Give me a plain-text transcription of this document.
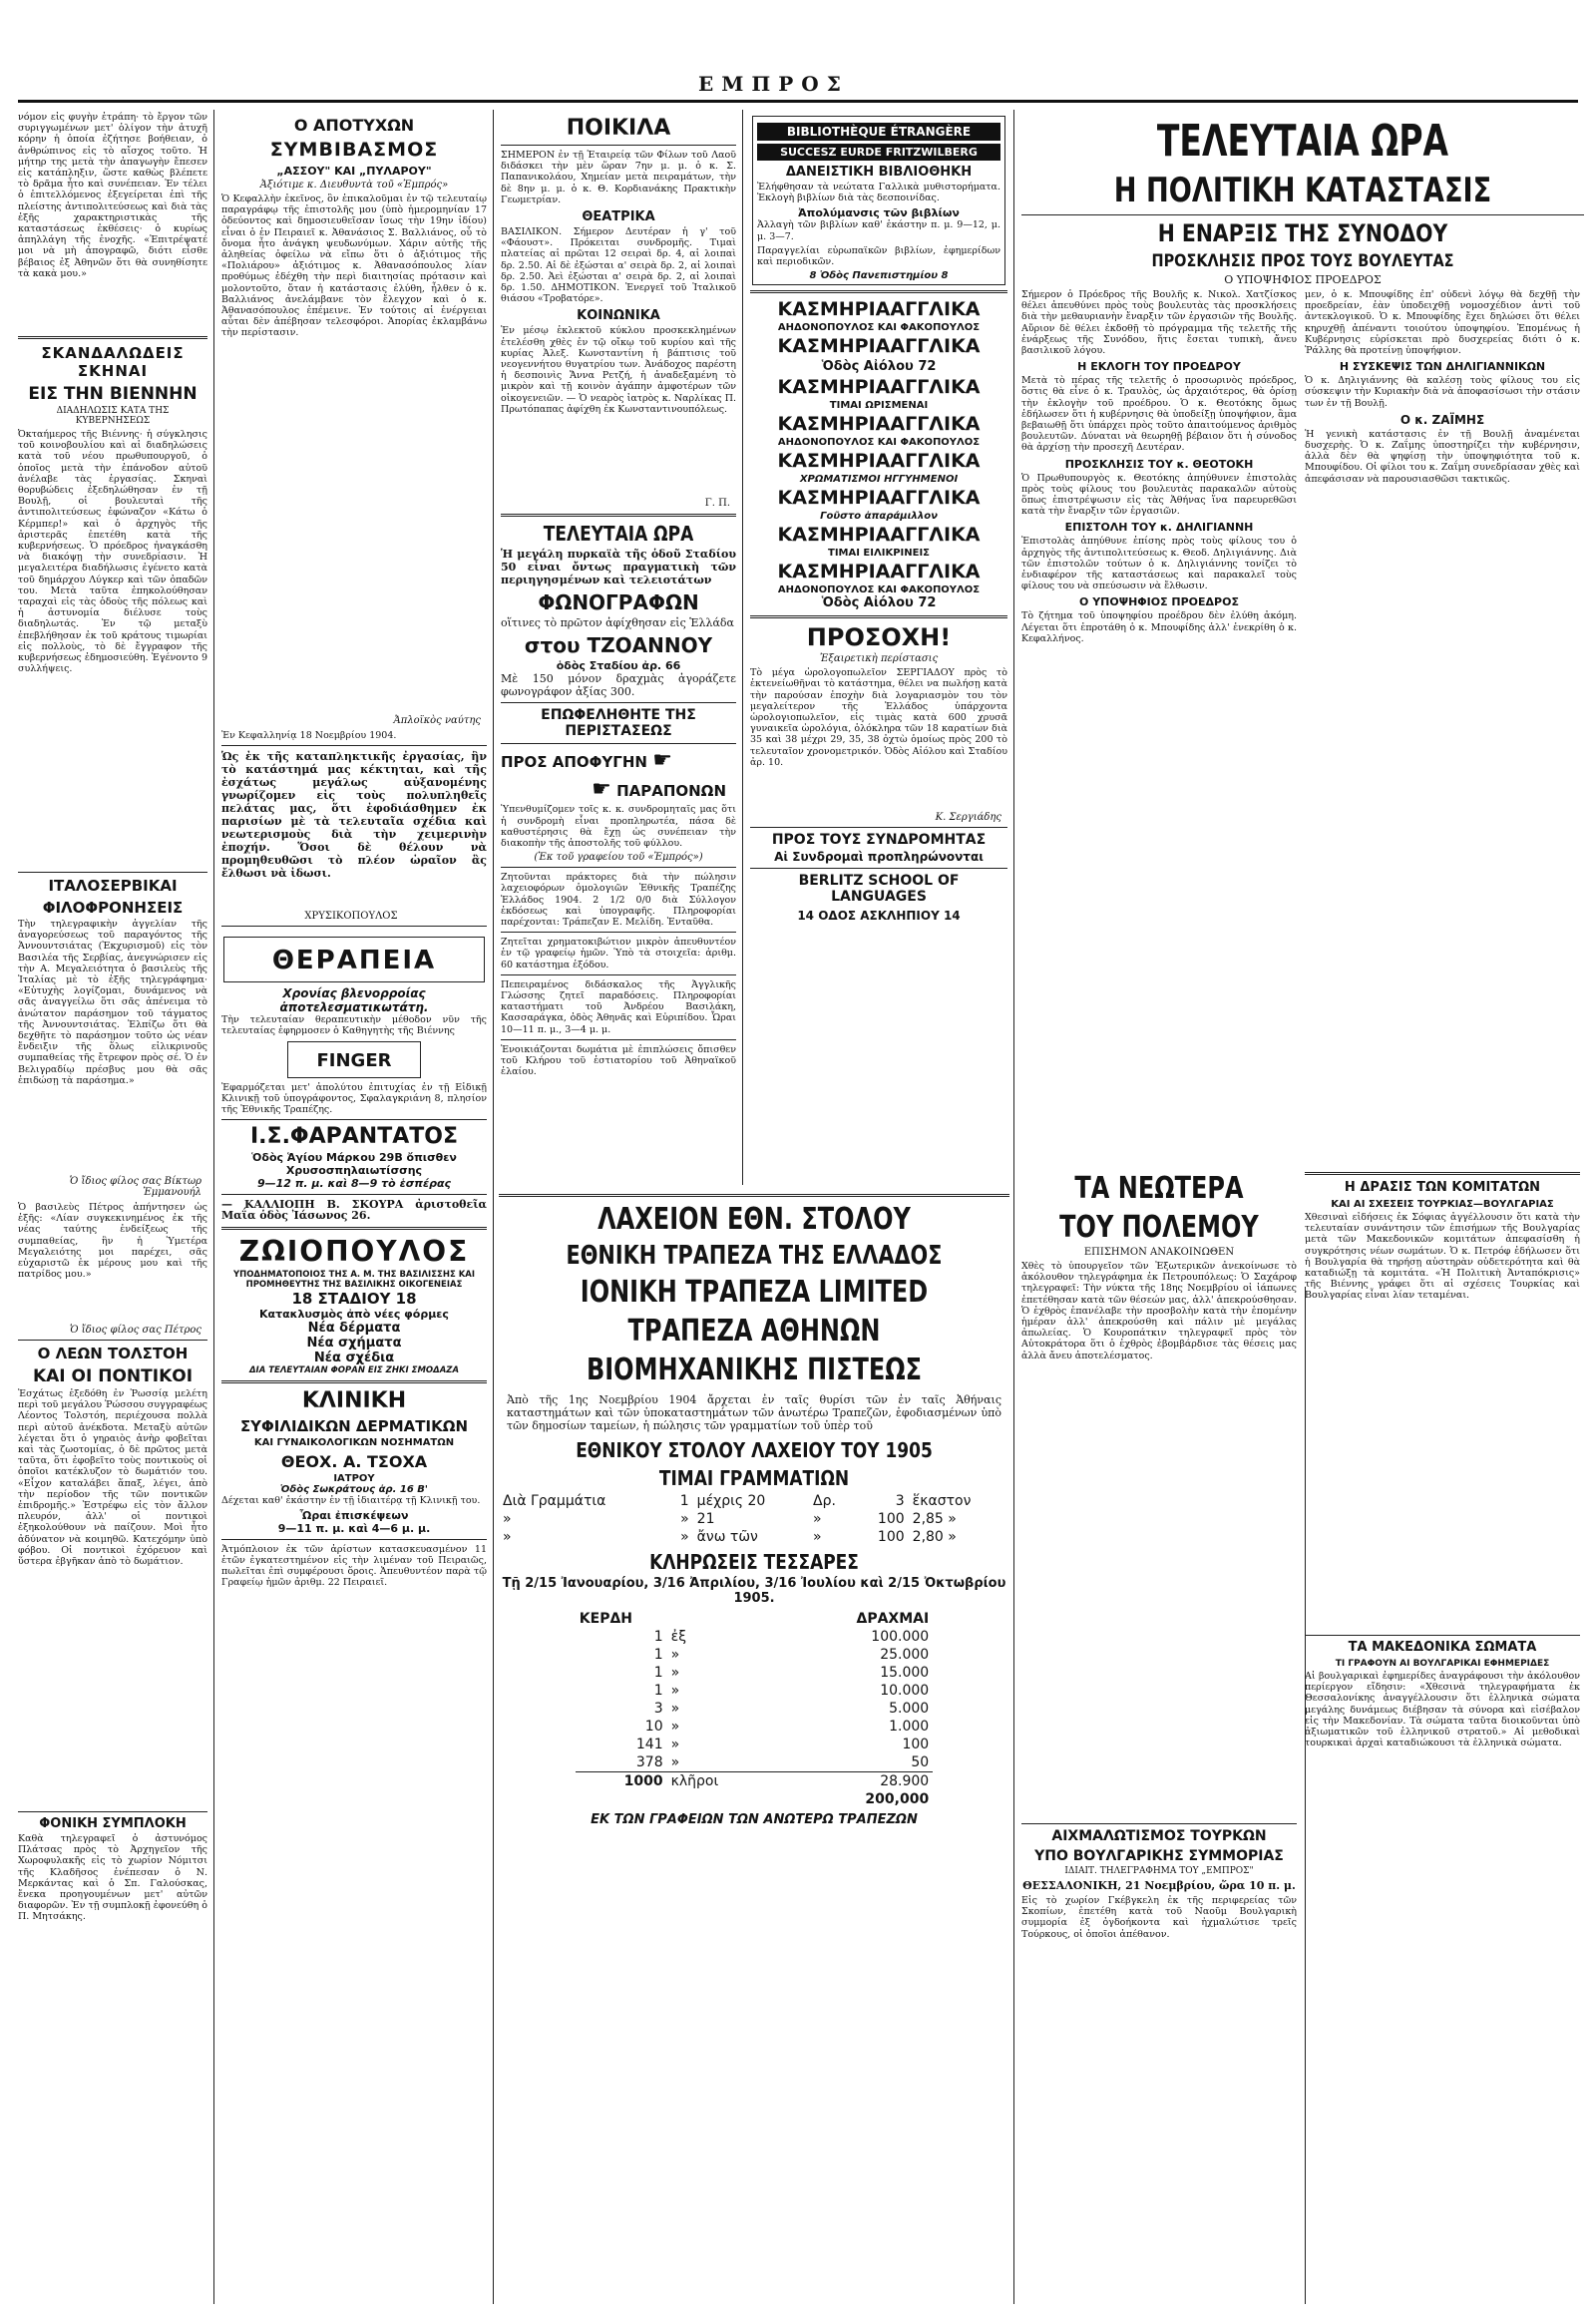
ΕΜΠΡΟΣ

νόμον εἰς φυγὴν ἐτράπη· τὸ ἔργον τῶν συριγγωμένων μετ' ὀλίγον τὴν ἀτυχῆ κόρην ἡ ὁποία ἐζήτησε βοήθειαν, ὁ ἀνθρώπινος εἰς τὸ αἴσχος τοῦτο. Ἡ μήτηρ της μετὰ τὴν ἀπαγωγὴν ἔπεσεν εἰς κατάπληξιν, ὥστε καθὼς βλέπετε τὸ δρᾶμα ἦτο καὶ συνέπειαν. Ἐν τέλει ὁ ἐπιτελλόμενος ἐξεγείρεται ἐπὶ τῆς πλείστης ἀντιπολιτεύσεως καὶ διὰ τὰς ἐξῆς χαρακτηριστικὰς τῆς καταστάσεως ἐκθέσεις· ὁ κυρίως ἀπηλλάγη τῆς ἐνοχῆς. «Ἐπιτρέψατέ μοι νὰ μὴ ἀπογραφῶ, διότι εἶσθε βέβαιος ἐξ Ἀθηνῶν ὅτι θὰ συνηθίσητε τὰ κακὰ μου.»

ΣΚΑΝΔΑΛΩΔΕΙΣ ΣΚΗΝΑΙ
ΕΙΣ ΤΗΝ ΒΙΕΝΝΗΝ
ΔΙΑΔΗΛΩΣΙΣ ΚΑΤΑ ΤΗΣ ΚΥΒΕΡΝΗΣΕΩΣ

Ὀκταήμερος τῆς Βιέννης· ἡ σύγκλησις τοῦ κοινοβουλίου καὶ αἱ διαδηλώσεις κατὰ τοῦ νέου πρωθυπουργοῦ, ὁ ὁποῖος μετὰ τὴν ἐπάνοδον αὐτοῦ ἀνέλαβε τὰς ἐργασίας. Σκηναὶ θορυβώδεις ἐξεδηλώθησαν ἐν τῇ Βουλῇ, οἱ βουλευταὶ τῆς ἀντιπολιτεύσεως ἐφώναζον «Κάτω ὁ Κέρμπερ!» καὶ ὁ ἀρχηγὸς τῆς ἀριστερᾶς ἐπετέθη κατὰ τῆς κυβερνήσεως. Ὁ πρόεδρος ἠναγκάσθη νὰ διακόψῃ τὴν συνεδρίασιν. Ἡ μεγαλειτέρα διαδήλωσις ἐγένετο κατὰ τοῦ δημάρχου Λύγκερ καὶ τῶν ὀπαδῶν του. Μετὰ ταῦτα ἐπηκολούθησαν ταραχαὶ εἰς τὰς ὁδοὺς τῆς πόλεως καὶ ἡ ἀστυνομία διέλυσε τοὺς διαδηλωτάς. Ἐν τῷ μεταξὺ ἐπεβλήθησαν ἐκ τοῦ κράτους τιμωρίαι εἰς πολλοὺς, τὸ δὲ ἔγγραφον τῆς κυβερνήσεως ἐδημοσιεύθη. Ἐγένοντο 9 συλλήψεις.

ΙΤΑΛΟΣΕΡΒΙΚΑΙ
ΦΙΛΟΦΡΟΝΗΣΕΙΣ

Τὴν τηλεγραφικὴν ἀγγελίαν τῆς ἀναγορεύσεως τοῦ παραγόντος τῆς Ἀννουντσιάτας (Ἐκχυρισμοῦ) εἰς τὸν Βασιλέα τῆς Σερβίας, ἀνεγνώρισεν εἰς τὴν Α. Μεγαλειότητα ὁ βασιλεὺς τῆς Ἰταλίας μὲ τὸ ἑξῆς τηλεγράφημα· «Εὐτυχὴς λογίζομαι, δυνάμενος νὰ σᾶς ἀναγγείλω ὅτι σᾶς ἀπένειμα τὸ ἀνώτατον παράσημον τοῦ τάγματος τῆς Ἀννουντσιάτας. Ἐλπίζω ὅτι θὰ δεχθῆτε τὸ παράσημον τοῦτο ὡς νέαν ἔνδειξιν τῆς ὅλως εἰλικρινοῦς συμπαθείας τῆς ἔτρεφον πρὸς σέ. Ὁ ἐν Βελιγραδίῳ πρέσβυς μου θὰ σᾶς ἐπιδώσῃ τὰ παράσημα.»

Ὁ ἴδιος φίλος σας Βίκτωρ Ἐμμανουήλ

Ὁ βασιλεὺς Πέτρος ἀπήντησεν ὡς ἑξῆς: «Λίαν συγκεκινημένος ἐκ τῆς νέας ταύτης ἐνδείξεως τῆς συμπαθείας, ἣν ἡ Ὑμετέρα Μεγαλειότης μοι παρέχει, σᾶς εὐχαριστῶ ἐκ μέρους μου καὶ τῆς πατρίδος μου.»

Ὁ ἴδιος φίλος σας Πέτρος
Ο ΛΕΩΝ ΤΟΛΣΤΟΗ
ΚΑΙ ΟΙ ΠΟΝΤΙΚΟΙ

Ἐσχάτως ἐξεδόθη ἐν Ῥωσσίᾳ μελέτη περὶ τοῦ μεγάλου Ῥώσσου συγγραφέως Λέοντος Τολστόη, περιέχουσα πολλὰ περὶ αὐτοῦ ἀνέκδοτα. Μεταξὺ αὐτῶν λέγεται ὅτι ὁ γηραιὸς ἀνὴρ φοβεῖται καὶ τὰς ζωοτομίας, ὁ δὲ πρῶτος μετὰ ταῦτα, ὅτι ἐφοβεῖτο τοὺς ποντικοὺς οἱ ὁποῖοι κατέκλυζον τὸ δωμάτιόν του. «Εἶχον καταλάβει ἅπαξ, λέγει, ἀπὸ τὴν περίοδον τῆς τῶν ποντικῶν ἐπιδρομῆς.» Ἐστρέφω εἰς τὸν ἄλλον πλευρόν, ἀλλ' οἱ ποντικοὶ ἐξηκολούθουν νὰ παίζουν. Μοὶ ἦτο ἀδύνατον νὰ κοιμηθῶ. Κατεχόμην ὑπὸ φόβου. Οἱ ποντικοὶ ἐχόρευον καὶ ὕστερα ἐβγῆκαν ἀπὸ τὸ δωμάτιον.

ΦΟΝΙΚΗ ΣΥΜΠΛΟΚΗ

Καθὰ τηλεγραφεῖ ὁ ἀστυνόμος Πλάτσας πρὸς τὸ Ἀρχηγεῖον τῆς Χωροφυλακῆς εἰς τὸ χωρίον Νόμιτσι τῆς Κλαδῆσος ἐνέπεσαν ὁ Ν. Μερκάντας καὶ ὁ Σπ. Γαλούσκας, ἔνεκα προηγουμένων μετ' αὐτῶν διαφορῶν. Ἐν τῇ συμπλοκῇ ἐφονεύθη ὁ Π. Μητσάκης.

Ο ΑΠΟΤΥΧΩΝ
ΣΥΜΒΙΒΑΣΜΟΣ
„ΑΣΣΟΥ" ΚΑΙ „ΠΥΛΑΡΟΥ"
Ἀξιότιμε κ. Διευθυντὰ τοῦ «Ἐμπρός»

Ὁ Κεφαλλὴν ἐκεῖνος, ὃν ἐπικαλοῦμαι ἐν τῷ τελευταίῳ παραγράφῳ τῆς ἐπιστολῆς μου (ὑπὸ ἡμερομηνίαν 17 ὀδεύοντος καὶ δημοσιευθεῖσαν ἴσως τὴν 19ην ἰδίου) εἶναι ὁ ἐν Πειραιεῖ κ. Ἀθανάσιος Σ. Βαλλιάνος, οὗ τὸ ὄνομα ἦτο ἀνάγκη ψευδωνύμων. Χάριν αὐτῆς τῆς ἀληθείας ὀφείλω νὰ εἴπω ὅτι ὁ ἀξιότιμος τῆς «Πολιάρου» ἀξιότιμος κ. Ἀθανασόπουλος λίαν προθύμως ἐδέχθη τὴν περὶ διαιτησίας πρότασιν καὶ μολοντοῦτο, ὅταν ἡ κατάστασις ἐλύθη, ἦλθεν ὁ κ. Βαλλιάνος ἀνελάμβανε τὸν ἔλεγχον καὶ ὁ κ. Ἀθανασόπουλος ἐπέμεινε. Ἐν τούτοις αἱ ἐνέργειαι αὗται δὲν ἀπέβησαν τελεσφόροι. Ἀπορίας ἐκλαμβάνω τὴν περίστασιν.

Ἀπλοϊκὸς ναύτης
Ἐν Κεφαλληνίᾳ 18 Νοεμβρίου 1904.

Ὡς ἐκ τῆς καταπληκτικῆς ἐργασίας, ἣν τὸ κατάστημά μας κέκτηται, καὶ τῆς ἐσχάτως μεγάλως αὐξανομένης γνωρίζομεν εἰς τοὺς πολυπληθεῖς πελάτας μας, ὅτι ἐφοδιάσθημεν ἐκ παρισίων μὲ τὰ τελευταῖα σχέδια καὶ νεωτερισμοὺς διὰ τὴν χειμερινὴν ἐποχήν. Ὅσοι δὲ θέλουν νὰ προμηθευθῶσι τὸ πλέον ὡραῖον ἂς ἔλθωσι νὰ ἰδωσι.

ΧΡΥΣΙΚΟΠΟΥΛΟΣ
ΘΕΡΑΠΕΙΑ
Χρονίας βλενορροίας ἀποτελεσματικωτάτη.

Τὴν τελευταίαν θεραπευτικὴν μέθοδον νῦν τῆς τελευταίας ἐφηρμοσεν ὁ Καθηγητὴς τῆς Βιέννης

FINGER

Ἐφαρμόζεται μετ' ἀπολύτου ἐπιτυχίας ἐν τῇ Εἰδικῇ Κλινικῇ τοῦ ὑπογράφοντος, Σφαλαγκριάνη 8, πλησίον τῆς Ἐθνικῆς Τραπέζης.

Ι.Σ.ΦΑΡΑΝΤΑΤΟΣ
Ὁδὸς Ἁγίου Μάρκου 29Β ὄπισθεν Χρυσοσπηλαιωτίσσης
9—12 π. μ. καὶ 8—9 τὸ ἑσπέρας

— ΚΑΛΛΙΟΠΗ Β. ΣΚΟΥΡΑ ἀριστοθεῖα Μαΐα ὁδὸς Ἰάσωνος 26.

ΖΩΙΟΠΟΥΛΟΣ
ΥΠΟΔΗΜΑΤΟΠΟΙΟΣ ΤΗΣ Α. Μ. ΤΗΣ ΒΑΣΙΛΙΣΣΗΣ ΚΑΙ ΠΡΟΜΗΘΕΥΤΗΣ ΤΗΣ ΒΑΣΙΛΙΚΗΣ ΟΙΚΟΓΕΝΕΙΑΣ
18 ΣΤΑΔΙΟΥ 18
Κατακλυσμὸς ἀπὸ νέες φόρμες
Νέα δέρματα
Νέα σχήματα
Νέα σχέδια
ΔΙΑ ΤΕΛΕΥΤΑΙΑΝ ΦΟΡΑΝ ΕΙΣ ΖΗΚΙ ΣΜΟΔΑΖΑ
ΚΛΙΝΙΚΗ
ΣΥΦΙΛΙΔΙΚΩΝ ΔΕΡΜΑΤΙΚΩΝ
ΚΑΙ ΓΥΝΑΙΚΟΛΟΓΙΚΩΝ ΝΟΣΗΜΑΤΩΝ
ΘΕΟΧ. Α. ΤΣΟΧΑ
ΙΑΤΡΟΥ
Ὁδὸς Σωκράτους ἀρ. 16 Β'

Δέχεται καθ' ἑκάστην ἐν τῇ ἰδιαιτέρᾳ τῇ Κλινικῇ του.

Ὧραι ἐπισκέψεων
9—11 π. μ. καὶ 4—6 μ. μ.

Ἀτμόπλοιον ἐκ τῶν ἀρίστων κατασκευασμένον 11 ἐτῶν ἐγκατεστημένον εἰς τὴν λιμέναν τοῦ Πειραιῶς, πωλεῖται ἐπὶ συμφέρουσι ὅροις. Ἀπευθυντέον παρὰ τῷ Γραφείῳ ἡμῶν ἀριθμ. 22 Πειραιεῖ.

ΠΟΙΚΙΛΑ

ΣΗΜΕΡΟΝ ἐν τῇ Ἑταιρείᾳ τῶν Φίλων τοῦ Λαοῦ διδάσκει τὴν μὲν ὥραν 7ην μ. μ. ὁ κ. Σ. Παπανικολάου, Χημείαν μετὰ πειραμάτων, τὴν δὲ 8ην μ. μ. ὁ κ. Θ. Κορδιανάκης Πρακτικὴν Γεωμετρίαν.

ΘΕΑΤΡΙΚΑ

ΒΑΣΙΛΙΚΟΝ. Σήμερον Δευτέραν ἡ γ' τοῦ «Φάουστ». Πρόκειται συνδρομῆς. Τιμαὶ πλατείας αἱ πρῶται 12 σειραὶ δρ. 4, αἱ λοιπαὶ δρ. 2.50. Αἱ δὲ ἐξώσται α' σειρὰ δρ. 2, αἱ λοιπαὶ δρ. 2.50. Ἀεὶ ἐξώσται α' σειρὰ δρ. 2, αἱ λοιπαὶ δρ. 1.50. ΔΗΜΟΤΙΚΟΝ. Ἐνεργεῖ τοῦ Ἰταλικοῦ θιάσου «Τροβατόρε».

ΚΟΙΝΩΝΙΚΑ

Ἐν μέσῳ ἐκλεκτοῦ κύκλου προσκεκλημένων ἐτελέσθη χθὲς ἐν τῷ οἴκῳ τοῦ κυρίου καὶ τῆς κυρίας Ἀλεξ. Κωνσταντίνη ἡ βάπτισις τοῦ νεογεννήτου θυγατρίου των. Ἀνάδοχος παρέστη ἡ δεσποινὶς Ἄννα Ρετζή, ἡ ἀναδεξαμένη τὸ μικρὸν καὶ τῇ κοινὸν ἀγάπην ἀμφοτέρων τῶν οἰκογενειῶν. — Ὁ νεαρὸς ἰατρὸς κ. Ναρλίκας Π. Πρωτόπαπας ἀφίχθη ἐκ Κωνσταντινουπόλεως.

Γ. Π.
ΤΕΛΕΥΤΑΙΑ ΩΡΑ

Ἡ μεγάλη πυρκαϊὰ τῆς ὁδοῦ Σταδίου 50 εἶναι ὄντως πραγματικὴ τῶν περιηγησμένων καὶ τελειοτάτων

ΦΩΝΟΓΡΑΦΩΝ

οἵτινες τὸ πρῶτον ἀφίχθησαν εἰς Ἑλλάδα

στου ΤΖΟΑΝΝΟΥ
ὁδὸς Σταδίου ἀρ. 66

Μὲ 150 μόνον δραχμὰς ἀγοράζετε φωνογράφον ἀξίας 300.

ΕΠΩΦΕΛΗΘΗΤΕ ΤΗΣ ΠΕΡΙΣΤΑΣΕΩΣ
ΠΡΟΣ ΑΠΟΦΥΓΗΝ ☛
☛ ΠΑΡΑΠΟΝΩΝ

Ὑπενθυμίζομεν τοῖς κ. κ. συνδρομηταῖς μας ὅτι ἡ συνδρομὴ εἶναι προπληρωτέα, πάσα δὲ καθυστέρησις θὰ ἔχῃ ὡς συνέπειαν τὴν διακοπὴν τῆς ἀποστολῆς τοῦ φύλλου.

(Ἐκ τοῦ γραφείου τοῦ «Ἐμπρός»)

Ζητοῦνται πράκτορες διὰ τὴν πώλησιν λαχειοφόρων ὁμολογιῶν Ἐθνικῆς Τραπέζης Ἑλλάδος 1904. 2 1/2 0/0 διὰ Σύλλογον ἐκδόσεως καὶ ὑπογραφῆς. Πληροφορίαι παρέχονται: Τράπεζαν Ε. Μελίδη. Ἐνταῦθα.

Ζητεῖται χρηματοκιβώτιον μικρὸν ἀπευθυντέον ἐν τῷ γραφείῳ ἡμῶν. Ὑπὸ τὰ στοιχεῖα: ἀριθμ. 60 κατάστημα ἐξόδου.

Πεπειραμένος διδάσκαλος τῆς Ἀγγλικῆς Γλώσσης ζητεῖ παραδόσεις. Πληροφορίαι καταστήματι τοῦ Ἀνδρέου Βασιλάκη, Κασσαράγκα, ὁδὸς Ἀθηνᾶς καὶ Εὐριπίδου. Ὧραι 10—11 π. μ., 3—4 μ. μ.

Ἐνοικιάζονται δωμάτια μὲ ἐπιπλώσεις ὄπισθεν τοῦ Κλήρου τοῦ ἑστιατορίου τοῦ Ἀθηναϊκοῦ ἐλαίου.

BIBLIOTHÈQUE ÉTRANGÈRE
SUCCESZ EURDE FRITZWILBERG
ΔΑΝΕΙΣΤΙΚΗ ΒΙΒΛΙΟΘΗΚΗ

Ἐλήφθησαν τὰ νεώτατα Γαλλικὰ μυθιστορήματα. Ἐκλογὴ βιβλίων διὰ τὰς δεσποινίδας.

Ἀπολύμανσις τῶν βιβλίων

Ἀλλαγὴ τῶν βιβλίων καθ' ἑκάστην π. μ. 9—12, μ. μ. 3—7.

Παραγγελίαι εὐρωπαϊκῶν βιβλίων, ἐφημερίδων καὶ περιοδικῶν.

8 Ὁδὸς Πανεπιστημίου 8
ΚΑΣΜΗΡΙΑΑΓΓΛΙΚΑ
ΑΗΔΟΝΟΠΟΥΛΟΣ ΚΑΙ ΦΑΚΟΠΟΥΛΟΣ
ΚΑΣΜΗΡΙΑΑΓΓΛΙΚΑ
Ὁδὸς Αἰόλου 72
ΚΑΣΜΗΡΙΑΑΓΓΛΙΚΑ
ΤΙΜΑΙ ΩΡΙΣΜΕΝΑΙ
ΚΑΣΜΗΡΙΑΑΓΓΛΙΚΑ
ΑΗΔΟΝΟΠΟΥΛΟΣ ΚΑΙ ΦΑΚΟΠΟΥΛΟΣ
ΚΑΣΜΗΡΙΑΑΓΓΛΙΚΑ
ΧΡΩΜΑΤΙΣΜΟΙ ΗΓΓΥΗΜΕΝΟΙ
ΚΑΣΜΗΡΙΑΑΓΓΛΙΚΑ
Γοῦστο ἀπαράμιλλον
ΚΑΣΜΗΡΙΑΑΓΓΛΙΚΑ
ΤΙΜΑΙ ΕΙΛΙΚΡΙΝΕΙΣ
ΚΑΣΜΗΡΙΑΑΓΓΛΙΚΑ
ΑΗΔΟΝΟΠΟΥΛΟΣ ΚΑΙ ΦΑΚΟΠΟΥΛΟΣ
Ὁδὸς Αἰόλου 72
ΠΡΟΣΟΧΗ!
Ἐξαιρετικὴ περίστασις

Τὸ μέγα ὡρολογοπωλεῖον ΣΕΡΓΙΑΔΟΥ πρὸς τὸ ἐκτενείωθῆναι τὸ κατάστημα, θέλει να πωλήσῃ κατὰ τὴν παρούσαν ἐποχὴν διὰ λογαριασμὸν του τὸν μεγαλείτερον τῆς Ἑλλάδος ὑπάρχοντα ὡρολογιοπωλεῖον, εἰς τιμὰς κατὰ 600 χρυσᾶ γυναικεῖα ὡρολόγια, ὁλόκληρα τῶν 18 καρατίων διὰ 35 καὶ 38 μέχρι 29, 35, 38 ὀχτὼ ὁμοίως πρὸς 200 τὸ τελευταῖον χρονομετρικόν. Ὁδὸς Αἰόλου καὶ Σταδίου ἀρ. 10.

Κ. Σεργιάδης
ΠΡΟΣ ΤΟΥΣ ΣΥΝΔΡΟΜΗΤΑΣ
Αἱ Συνδρομαὶ προπληρώνονται
BERLITZ SCHOOL OF LANGUAGES
14 ΟΔΟΣ ΑΣΚΛΗΠΙΟΥ 14
ΛΑΧΕΙΟΝ ΕΘΝ. ΣΤΟΛΟΥ
ΕΘΝΙΚΗ ΤΡΑΠΕΖΑ ΤΗΣ ΕΛΛΑΔΟΣ
ΙΟΝΙΚΗ ΤΡΑΠΕΖΑ LIMITED
ΤΡΑΠΕΖΑ ΑΘΗΝΩΝ
ΒΙΟΜΗΧΑΝΙΚΗΣ ΠΙΣΤΕΩΣ

Ἀπὸ τῆς 1ης Νοεμβρίου 1904 ἄρχεται ἐν ταῖς θυρίσι τῶν ἐν ταῖς Ἀθήναις καταστημάτων καὶ τῶν ὑποκαταστημάτων τῶν ἀνωτέρω Τραπεζῶν, ἐφοδιασμένων ὑπὸ τῶν δημοσίων ταμείων, ἡ πώλησις τῶν γραμματίων τοῦ ὑπὲρ τοῦ

ΕΘΝΙΚΟΥ ΣΤΟΛΟΥ ΛΑΧΕΙΟΥ ΤΟΥ 1905
ΤΙΜΑΙ ΓΡΑΜΜΑΤΙΩΝ
Διὰ Γραμμάτια	1	μέχρις 20	Δρ.	3	ἕκαστον
»	»	21	»	100	2,85 »
»	»	ἄνω τῶν	»	100	2,80 »
ΚΛΗΡΩΣΕΙΣ ΤΕΣΣΑΡΕΣ
Τῇ 2/15 Ἰανουαρίου, 3/16 Ἀπριλίου, 3/16 Ἰουλίου καὶ 2/15 Ὀκτωβρίου 1905.
ΚΕΡΔΗ		ΔΡΑΧΜΑΙ
1	ἐξ	100.000
1	»	25.000
1	»	15.000
1	»	10.000
3	»	5.000
10	»	1.000
141	»	100
378	»	50
1000	κλῆροι	28.900
		200,000
ΕΚ ΤΩΝ ΓΡΑΦΕΙΩΝ ΤΩΝ ΑΝΩΤΕΡΩ ΤΡΑΠΕΖΩΝ
ΤΕΛΕΥΤΑΙΑ ΩΡΑ
Η ΠΟΛΙΤΙΚΗ ΚΑΤΑΣΤΑΣΙΣ
Η ΕΝΑΡΞΙΣ ΤΗΣ ΣΥΝΟΔΟΥ
ΠΡΟΣΚΛΗΣΙΣ ΠΡΟΣ ΤΟΥΣ ΒΟΥΛΕΥΤΑΣ
Ο ΥΠΟΨΗΦΙΟΣ ΠΡΟΕΔΡΟΣ

Σήμερον ὁ Πρόεδρος τῆς Βουλῆς κ. Νικολ. Χατζίσκος θέλει ἀπευθύνει πρὸς τοὺς βουλευτὰς τὰς προσκλήσεις διὰ τὴν μεθαυριανὴν ἔναρξιν τῶν ἐργασιῶν τῆς Βουλῆς. Αὔριον δὲ θέλει ἐκδοθῇ τὸ πρόγραμμα τῆς τελετῆς τῆς ἐνάρξεως τῆς Συνόδου, ἥτις ἔσεται τυπικὴ, ἄνευ βασιλικοῦ λόγου.

Η ΕΚΛΟΓΗ ΤΟΥ ΠΡΟΕΔΡΟΥ

Μετὰ τὸ πέρας τῆς τελετῆς ὁ προσωρινὸς πρόεδρος, ὅστις θὰ εἶνε ὁ κ. Τραυλὸς, ὡς ἀρχαιότερος, θὰ ὁρίσῃ τὴν ἐκλογὴν τοῦ προέδρου. Ὁ κ. Θεοτόκης ὅμως ἐδήλωσεν ὅτι ἡ κυβέρνησις θὰ ὑποδείξῃ ὑποψήφιον, ἂμα βεβαιωθῇ ὅτι ὑπάρχει πρὸς τοῦτο ἀπαιτούμενος ἀριθμὸς βουλευτῶν. Δύναται νὰ θεωρηθῇ βέβαιον ὅτι ἡ σύνοδος θὰ ἀρχίσῃ τὴν προσεχῆ Δευτέραν.

ΠΡΟΣΚΛΗΣΙΣ ΤΟΥ κ. ΘΕΟΤΟΚΗ

Ὁ Πρωθυπουργὸς κ. Θεοτόκης ἀπηύθυνεν ἐπιστολὰς πρὸς τοὺς φίλους του βουλευτὰς παρακαλῶν αὐτοὺς ὅπως ἐπιστρέψωσιν εἰς τὰς Ἀθήνας ἵνα παρευρεθῶσι κατὰ τὴν ἔναρξιν τῶν ἐργασιῶν.

ΕΠΙΣΤΟΛΗ ΤΟΥ κ. ΔΗΛΙΓΙΑΝΝΗ

Ἐπιστολὰς ἀπηύθυνε ἐπίσης πρὸς τοὺς φίλους του ὁ ἀρχηγὸς τῆς ἀντιπολιτεύσεως κ. Θεοδ. Δηλιγιάννης. Διὰ τῶν ἐπιστολῶν τούτων ὁ κ. Δηλιγιάννης τονίζει τὸ ἐνδιαφέρον τῆς καταστάσεως καὶ παρακαλεῖ τοὺς φίλους του νὰ σπεύσωσιν νὰ ἔλθωσιν.

Ο ΥΠΟΨΗΦΙΟΣ ΠΡΟΕΔΡΟΣ

Τὸ ζήτημα τοῦ ὑποψηφίου προέδρου δὲν ἐλύθη ἀκόμη. Λέγεται ὅτι ἐπροτάθη ὁ κ. Μπουφίδης ἀλλ' ἐνεκρίθη ὁ κ. Κεφαλλήνος.

μεν, ὁ κ. Μπουφίδης ἐπ' οὐδενὶ λόγῳ θὰ δεχθῇ τὴν προεδρείαν, ἐὰν ὑποδειχθῇ νομοσχέδιον ἀντὶ τοῦ ἀντεκλογικοῦ. Ὁ κ. Μπουφίδης ἔχει δηλώσει ὅτι θέλει κηρυχθῇ ἀπέναντι τοιούτου ὑποψηφίου. Ἐπομένως ἡ Κυβέρνησις εὑρίσκεται πρὸ δυσχερείας διότι ὁ κ. Ῥάλλης θὰ προτείνῃ ὑποψήφιον.

Η ΣΥΣΚΕΨΙΣ ΤΩΝ ΔΗΛΙΓΙΑΝΝΙΚΩΝ

Ὁ κ. Δηλιγιάννης θὰ καλέσῃ τοὺς φίλους του εἰς σύσκεψιν τὴν Κυριακὴν διὰ νὰ ἀποφασίσωσι τὴν στάσιν των ἐν τῇ Βουλῇ.

Ο κ. ΖΑΪΜΗΣ

Ἡ γενικὴ κατάστασις ἐν τῇ Βουλῇ ἀναμένεται δυσχερὴς. Ὁ κ. Ζαΐμης ὑποστηρίζει τὴν κυβέρνησιν, ἀλλὰ δὲν θὰ ψηφίσῃ τὴν ὑποψηφιότητα τοῦ κ. Μπουφίδου. Οἱ φίλοι του κ. Ζαΐμη συνεδρίασαν χθὲς καὶ ἀπεφάσισαν νὰ παρουσιασθῶσι τακτικῶς.

ΤΑ ΝΕΩΤΕΡΑ
ΤΟΥ ΠΟΛΕΜΟΥ
ΕΠΙΣΗΜΟΝ ΑΝΑΚΟΙΝΩΘΕΝ

Χθὲς τὸ ὑπουργεῖον τῶν Ἐξωτερικῶν ἀνεκοίνωσε τὸ ἀκόλουθον τηλεγράφημα ἐκ Πετρουπόλεως: Ὁ Σαχάροφ τηλεγραφεῖ: Τὴν νύκτα τῆς 18ης Νοεμβρίου οἱ ἰάπωνες ἐπετέθησαν κατὰ τῶν θέσεών μας, ἀλλ' ἀπεκρούσθησαν. Ὁ ἐχθρὸς ἐπανέλαβε τὴν προσβολὴν κατὰ τὴν ἑπομένην ἡμέραν ἀλλ' ἀπεκρούσθη καὶ πάλιν μὲ μεγάλας ἀπωλείας. Ὁ Κουροπάτκιν τηλεγραφεῖ πρὸς τὸν Αὐτοκράτορα ὅτι ὁ ἐχθρὸς ἐβομβάρδισε τὰς θέσεις μας ἀλλὰ ἄνευ ἀποτελέσματος.

ΑΙΧΜΑΛΩΤΙΣΜΟΣ ΤΟΥΡΚΩΝ
ΥΠΟ ΒΟΥΛΓΑΡΙΚΗΣ ΣΥΜΜΟΡΙΑΣ
ΙΔΙΑΙΤ. ΤΗΛΕΓΡΑΦΗΜΑ ΤΟΥ „ΕΜΠΡΟΣ"
ΘΕΣΣΑΛΟΝΙΚΗ, 21 Νοεμβρίου, ὥρα 10 π. μ.

Εἰς τὸ χωρίον Γκέβγκελη ἐκ τῆς περιφερείας τῶν Σκοπίων, ἐπετέθη κατὰ τοῦ Ναοῦμ Βουλγαρικὴ συμμορία ἐξ ὀγδοήκοντα καὶ ἠχμαλώτισε τρεῖς Τούρκους, οἱ ὁποῖοι ἀπέθανον.

Η ΔΡΑΣΙΣ ΤΩΝ ΚΟΜΙΤΑΤΩΝ
ΚΑΙ ΑΙ ΣΧΕΣΕΙΣ ΤΟΥΡΚΙΑΣ—ΒΟΥΛΓΑΡΙΑΣ

Χθεσιναὶ εἰδήσεις ἐκ Σόφιας ἀγγέλλουσιν ὅτι κατὰ τὴν τελευταίαν συνάντησιν τῶν ἐπισήμων τῆς Βουλγαρίας μετὰ τῶν Μακεδονικῶν κομιτάτων ἀπεφασίσθη ἡ συγκρότησις νέων σωμάτων. Ὁ κ. Πετρόφ ἐδήλωσεν ὅτι ἡ Βουλγαρία θὰ τηρήσῃ αὐστηρὰν οὐδετερότητα καὶ θὰ καταδιώξῃ τὰ κομιτάτα. «Ἡ Πολιτικὴ Ἀνταπόκρισις» τῆς Βιέννης γράφει ὅτι αἱ σχέσεις Τουρκίας καὶ Βουλγαρίας εἶναι λίαν τεταμέναι.

ΤΑ ΜΑΚΕΔΟΝΙΚΑ ΣΩΜΑΤΑ
ΤΙ ΓΡΑΦΟΥΝ ΑΙ ΒΟΥΛΓΑΡΙΚΑΙ ΕΦΗΜΕΡΙΔΕΣ

Αἱ βουλγαρικαὶ ἐφημερίδες ἀναγράφουσι τὴν ἀκόλουθον περίεργον εἴδησιν: «Χθεσινὰ τηλεγραφήματα ἐκ Θεσσαλονίκης ἀναγγέλλουσιν ὅτι ἑλληνικὰ σώματα μεγάλης δυνάμεως διέβησαν τὰ σύνορα καὶ εἰσέβαλον εἰς τὴν Μακεδονίαν. Τὰ σώματα ταῦτα διοικοῦνται ὑπὸ ἀξιωματικῶν τοῦ ἑλληνικοῦ στρατοῦ.» Αἱ μεθοδικαὶ τουρκικαὶ ἀρχαὶ καταδιώκουσι τὰ ἑλληνικὰ σώματα.
